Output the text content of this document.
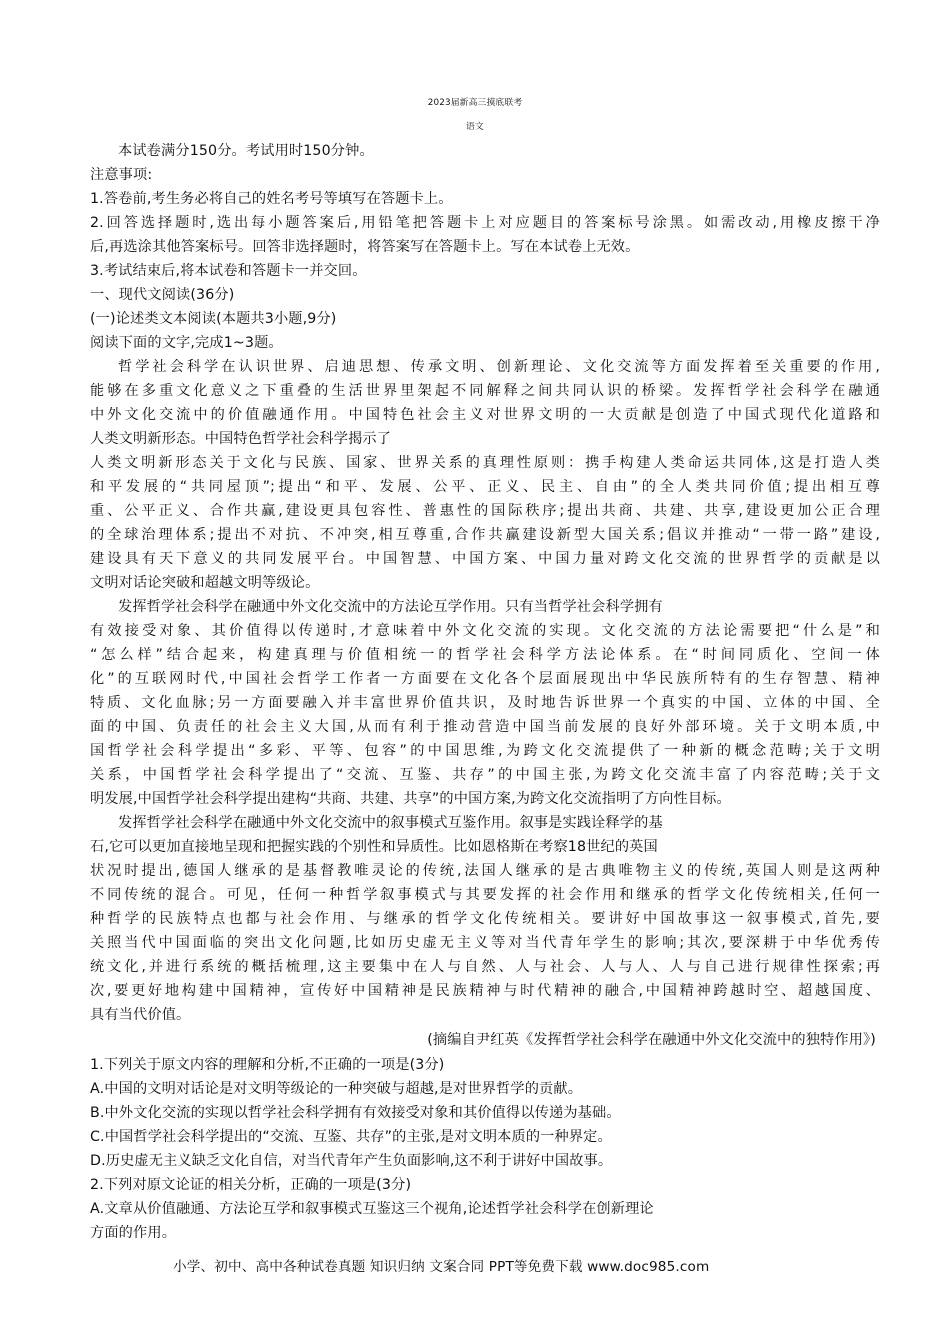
2023届新高三摸底联考
语文
本试卷满分150分。考试用时150分钟。
注意事项:
1.答卷前,考生务必将自己的姓名考号等填写在答题卡上。
2.回答选择题时,选出每小题答案后,用铅笔把答题卡上对应题目的答案标号涂黑。如需改动,用橡皮擦干净
后,再选涂其他答案标号。回答非选择题时，将答案写在答题卡上。写在本试卷上无效。
3.考试结束后,将本试卷和答题卡一并交回。
一、现代文阅读(36分)
(一)论述类文本阅读(本题共3小题,9分)
阅读下面的文字,完成1~3题。
哲学社会科学在认识世界、启迪思想、传承文明、创新理论、文化交流等方面发挥着至关重要的作用,
能够在多重文化意义之下重叠的生活世界里架起不同解释之间共同认识的桥梁。发挥哲学社会科学在融通
中外文化交流中的价值融通作用。中国特色社会主义对世界文明的一大贡献是创造了中国式现代化道路和
人类文明新形态。中国特色哲学社会科学揭示了
人类文明新形态关于文化与民族、国家、世界关系的真理性原则：携手构建人类命运共同体,这是打造人类
和平发展的“共同屋顶”;提出“和平、发展、公平、正义、民主、自由”的全人类共同价值;提出相互尊
重、公平正义、合作共赢,建设更具包容性、普惠性的国际秩序;提出共商、共建、共享,建设更加公正合理
的全球治理体系;提出不对抗、不冲突,相互尊重,合作共赢建设新型大国关系;倡议并推动“一带一路”建设,
建设具有天下意义的共同发展平台。中国智慧、中国方案、中国力量对跨文化交流的世界哲学的贡献是以
文明对话论突破和超越文明等级论。
发挥哲学社会科学在融通中外文化交流中的方法论互学作用。只有当哲学社会科学拥有
有效接受对象、其价值得以传递时,才意味着中外文化交流的实现。文化交流的方法论需要把“什么是”和
“怎么样”结合起来，构建真理与价值相统一的哲学社会科学方法论体系。在“时间同质化、空间一体
化”的互联网时代,中国社会哲学工作者一方面要在文化各个层面展现出中华民族所特有的生存智慧、精神
特质、文化血脉;另一方面要融入并丰富世界价值共识，及时地告诉世界一个真实的中国、立体的中国、全
面的中国、负责任的社会主义大国,从而有利于推动营造中国当前发展的良好外部环境。关于文明本质,中
国哲学社会科学提出“多彩、平等、包容”的中国思维,为跨文化交流提供了一种新的概念范畴;关于文明
关系，中国哲学社会科学提出了“交流、互鉴、共存”的中国主张,为跨文化交流丰富了内容范畴;关于文
明发展,中国哲学社会科学提出建构“共商、共建、共享”的中国方案,为跨文化交流指明了方向性目标。
发挥哲学社会科学在融通中外文化交流中的叙事模式互鉴作用。叙事是实践诠释学的基
石,它可以更加直接地呈现和把握实践的个别性和异质性。比如恩格斯在考察18世纪的英国
状况时提出,德国人继承的是基督教唯灵论的传统,法国人继承的是古典唯物主义的传统,英国人则是这两种
不同传统的混合。可见，任何一种哲学叙事模式与其要发挥的社会作用和继承的哲学文化传统相关,任何一
种哲学的民族特点也都与社会作用、与继承的哲学文化传统相关。要讲好中国故事这一叙事模式,首先,要
关照当代中国面临的突出文化问题,比如历史虚无主义等对当代青年学生的影响;其次,要深耕于中华优秀传
统文化,并进行系统的概括梳理,这主要集中在人与自然、人与社会、人与人、人与自己进行规律性探索;再
次,要更好地构建中国精神，宣传好中国精神是民族精神与时代精神的融合,中国精神跨越时空、超越国度、
具有当代价值。
(摘编自尹红英《发挥哲学社会科学在融通中外文化交流中的独特作用》)
1.下列关于原文内容的理解和分析,不正确的一项是(3分)
A.中国的文明对话论是对文明等级论的一种突破与超越,是对世界哲学的贡献。
B.中外文化交流的实现以哲学社会科学拥有有效接受对象和其价值得以传递为基础。
C.中国哲学社会科学提出的“交流、互鉴、共存”的主张,是对文明本质的一种界定。
D.历史虚无主义缺乏文化自信，对当代青年产生负面影响,这不利于讲好中国故事。
2.下列对原文论证的相关分析，正确的一项是(3分)
A.文章从价值融通、方法论互学和叙事模式互鉴这三个视角,论述哲学社会科学在创新理论
方面的作用。
小学、初中、高中各种试卷真题 知识归纳 文案合同 PPT等免费下载 www.doc985.com
